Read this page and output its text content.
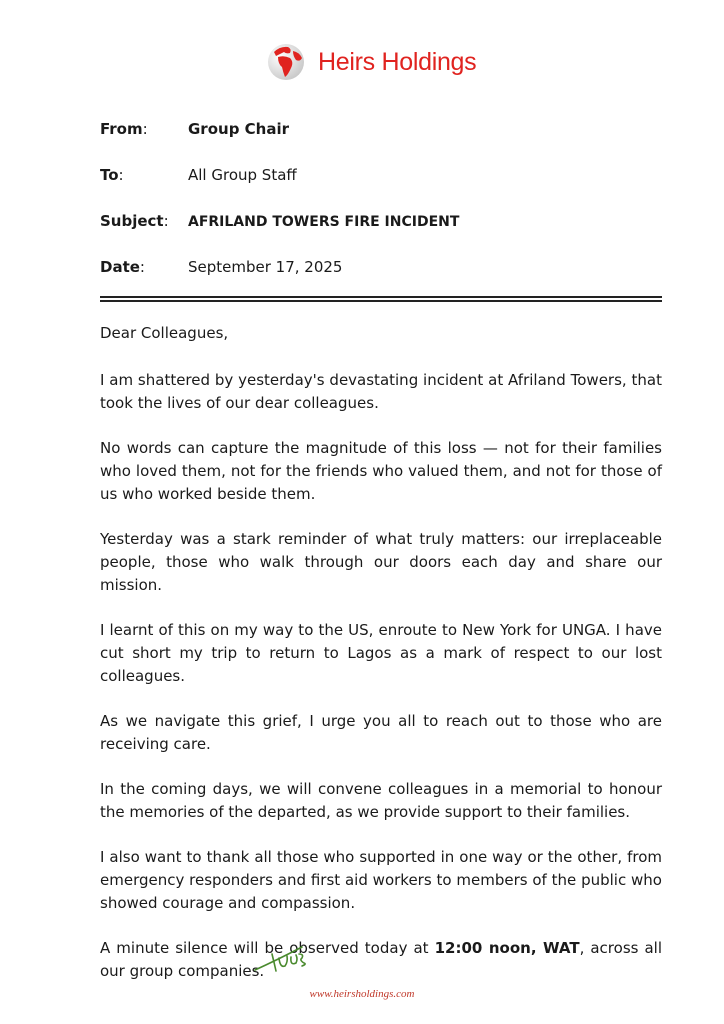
Heirs Holdings
From:	Group Chair
To:	All Group Staff
Subject:	AFRILAND TOWERS FIRE INCIDENT
Date:	September 17, 2025

Dear Colleagues,

I am shattered by yesterday's devastating incident at Afriland Towers, that took the lives of our dear colleagues.

No words can capture the magnitude of this loss — not for their families who loved them, not for the friends who valued them, and not for those of us who worked beside them.

Yesterday was a stark reminder of what truly matters: our irreplaceable people, those who walk through our doors each day and share our mission.

I learnt of this on my way to the US, enroute to New York for UNGA. I have cut short my trip to return to Lagos as a mark of respect to our lost colleagues.

As we navigate this grief, I urge you all to reach out to those who are receiving care.

In the coming days, we will convene colleagues in a memorial to honour the memories of the departed, as we provide support to their families.

I also want to thank all those who supported in one way or the other, from emergency responders and first aid workers to members of the public who showed courage and compassion.

A minute silence will be observed today at 12:00 noon, WAT, across all our group companies.

www.heirsholdings.com
